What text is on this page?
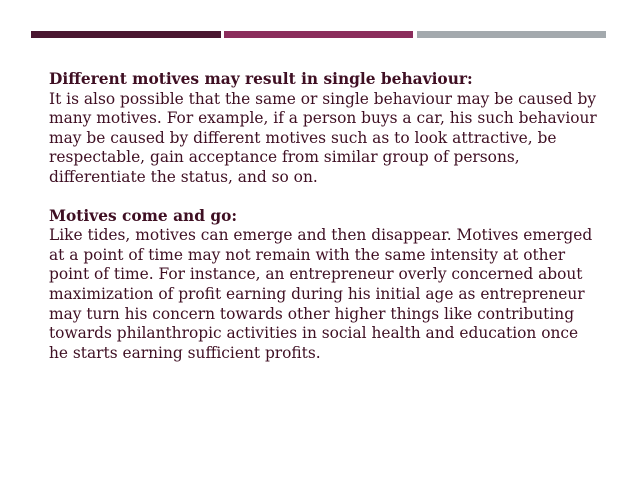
Different motives may result in single behaviour:

It is also possible that the same or single behaviour may be caused by many motives. For example, if a person buys a car, his such behaviour may be caused by different motives such as to look attractive, be respectable, gain acceptance from similar group of persons, differentiate the status, and so on.

Motives come and go:

Like tides, motives can emerge and then disappear. Motives emerged at a point of time may not remain with the same intensity at other point of time. For instance, an entrepreneur overly concerned about maximization of profit earning during his initial age as entrepreneur may turn his concern towards other higher things like contributing towards philanthropic activities in social health and education once he starts earning sufficient profits.
